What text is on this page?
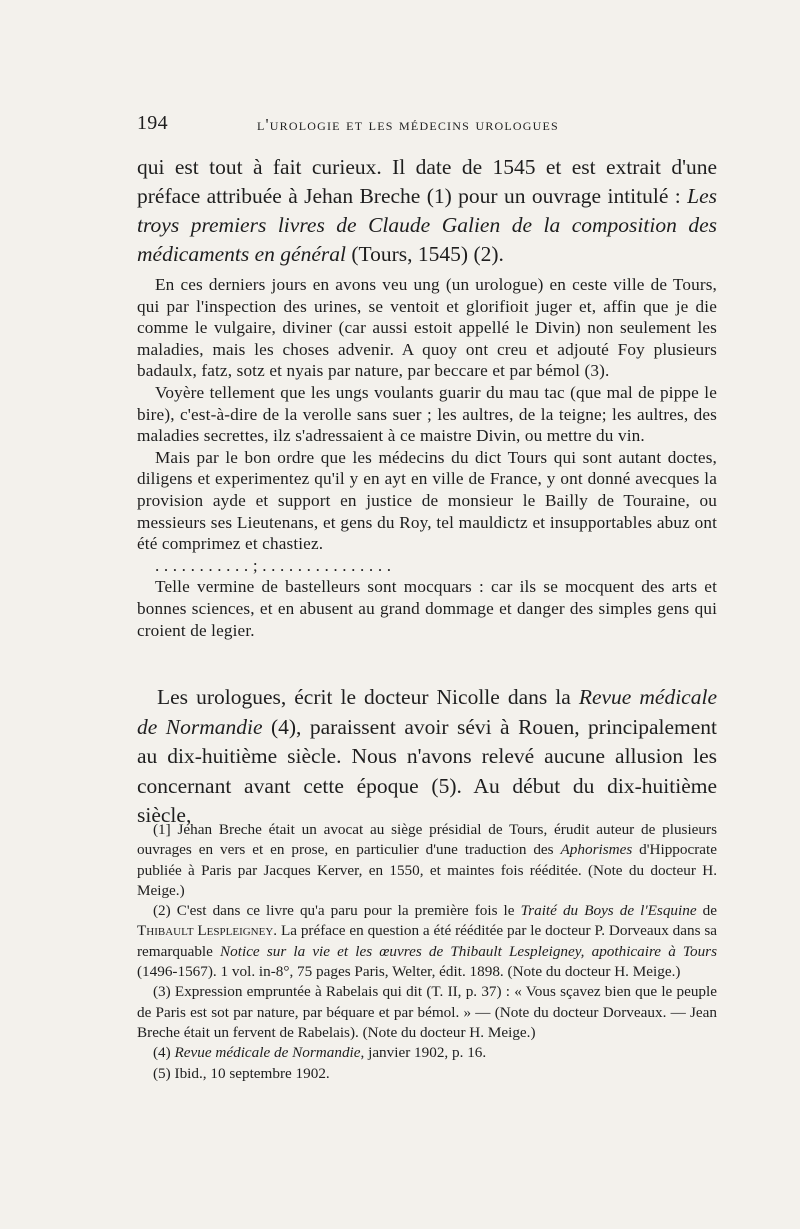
194	l'urologie et les médecins urologues

qui est tout à fait curieux. Il date de 1545 et est extrait d'une préface attribuée à Jehan Breche (1) pour un ouvrage intitulé : Les troys premiers livres de Claude Galien de la composition des médicaments en général (Tours, 1545) (2).

En ces derniers jours en avons veu ung (un urologue) en ceste ville de Tours, qui par l'inspection des urines, se ventoit et glorifioit juger et, affin que je die comme le vulgaire, diviner (car aussi estoit appellé le Divin) non seulement les maladies, mais les choses advenir. A quoy ont creu et adjouté Foy plusieurs badaulx, fatz, sotz et nyais par nature, par beccare et par bémol (3).

Voyère tellement que les ungs voulants guarir du mau tac (que mal de pippe le bire), c'est-à-dire de la verolle sans suer ; les aultres, de la teigne; les aultres, des maladies secrettes, ilz s'adressaient à ce maistre Divin, ou mettre du vin.

Mais par le bon ordre que les médecins du dict Tours qui sont autant doctes, diligens et experimentez qu'il y en ayt en ville de France, y ont donné avecques la provision ayde et support en justice de monsieur le Bailly de Touraine, ou messieurs ses Lieutenans, et gens du Roy, tel mauldictz et insupportables abuz ont été comprimez et chastiez.

. . . . . . . . . . . ; . . . . . . . . . . . . . . .

Telle vermine de bastelleurs sont mocquars : car ils se mocquent des arts et bonnes sciences, et en abusent au grand dommage et danger des simples gens qui croient de legier.

Les urologues, écrit le docteur Nicolle dans la Revue médicale de Normandie (4), paraissent avoir sévi à Rouen, principalement au dix-huitième siècle. Nous n'avons relevé aucune allusion les concernant avant cette époque (5). Au début du dix-huitième siècle,

(1] Jehan Breche était un avocat au siège présidial de Tours, érudit auteur de plusieurs ouvrages en vers et en prose, en particulier d'une traduction des Aphorismes d'Hippocrate publiée à Paris par Jacques Kerver, en 1550, et maintes fois rééditée. (Note du docteur H. Meige.)

(2) C'est dans ce livre qu'a paru pour la première fois le Traité du Boys de l'Esquine de Thibault Lespleigney. La préface en question a été rééditée par le docteur P. Dorveaux dans sa remarquable Notice sur la vie et les œuvres de Thibault Lespleigney, apothicaire à Tours (1496-1567). 1 vol. in-8°, 75 pages Paris, Welter, édit. 1898. (Note du docteur H. Meige.)

(3) Expression empruntée à Rabelais qui dit (T. II, p. 37) : « Vous sçavez bien que le peuple de Paris est sot par nature, par béquare et par bémol. » — (Note du docteur Dorveaux. — Jean Breche était un fervent de Rabelais). (Note du docteur H. Meige.)

(4) Revue médicale de Normandie, janvier 1902, p. 16.

(5) Ibid., 10 septembre 1902.
